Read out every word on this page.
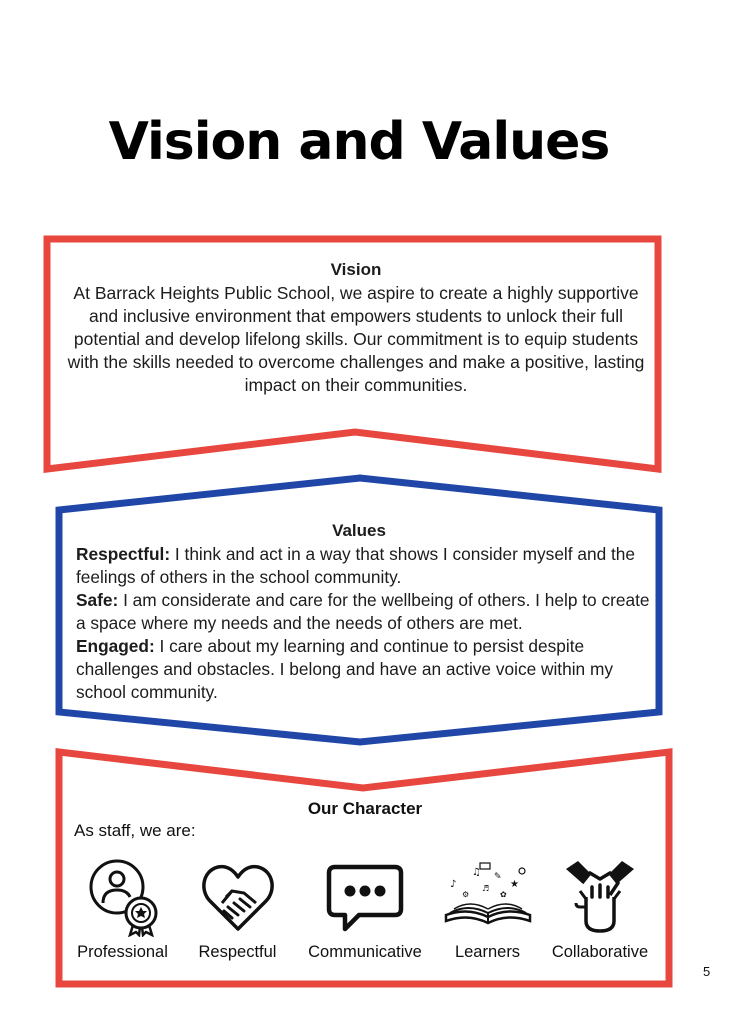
Vision and Values
Vision
At Barrack Heights Public School, we aspire to create a highly supportive and inclusive environment that empowers students to unlock their full potential and develop lifelong skills. Our commitment is to equip students with the skills needed to overcome challenges and make a positive, lasting impact on their communities.
Values
Respectful: I think and act in a way that shows I consider myself and the feelings of others in the school community.
Safe: I am considerate and care for the wellbeing of others. I help to create a space where my needs and the needs of others are met.
Engaged: I care about my learning and continue to persist despite challenges and obstacles. I belong and have an active voice within my school community.
Our Character
As staff, we are:
Professional	Respectful	Communicative
♪
♫ ✎
★
⚙	✿
♬
Learners	Collaborative
5
